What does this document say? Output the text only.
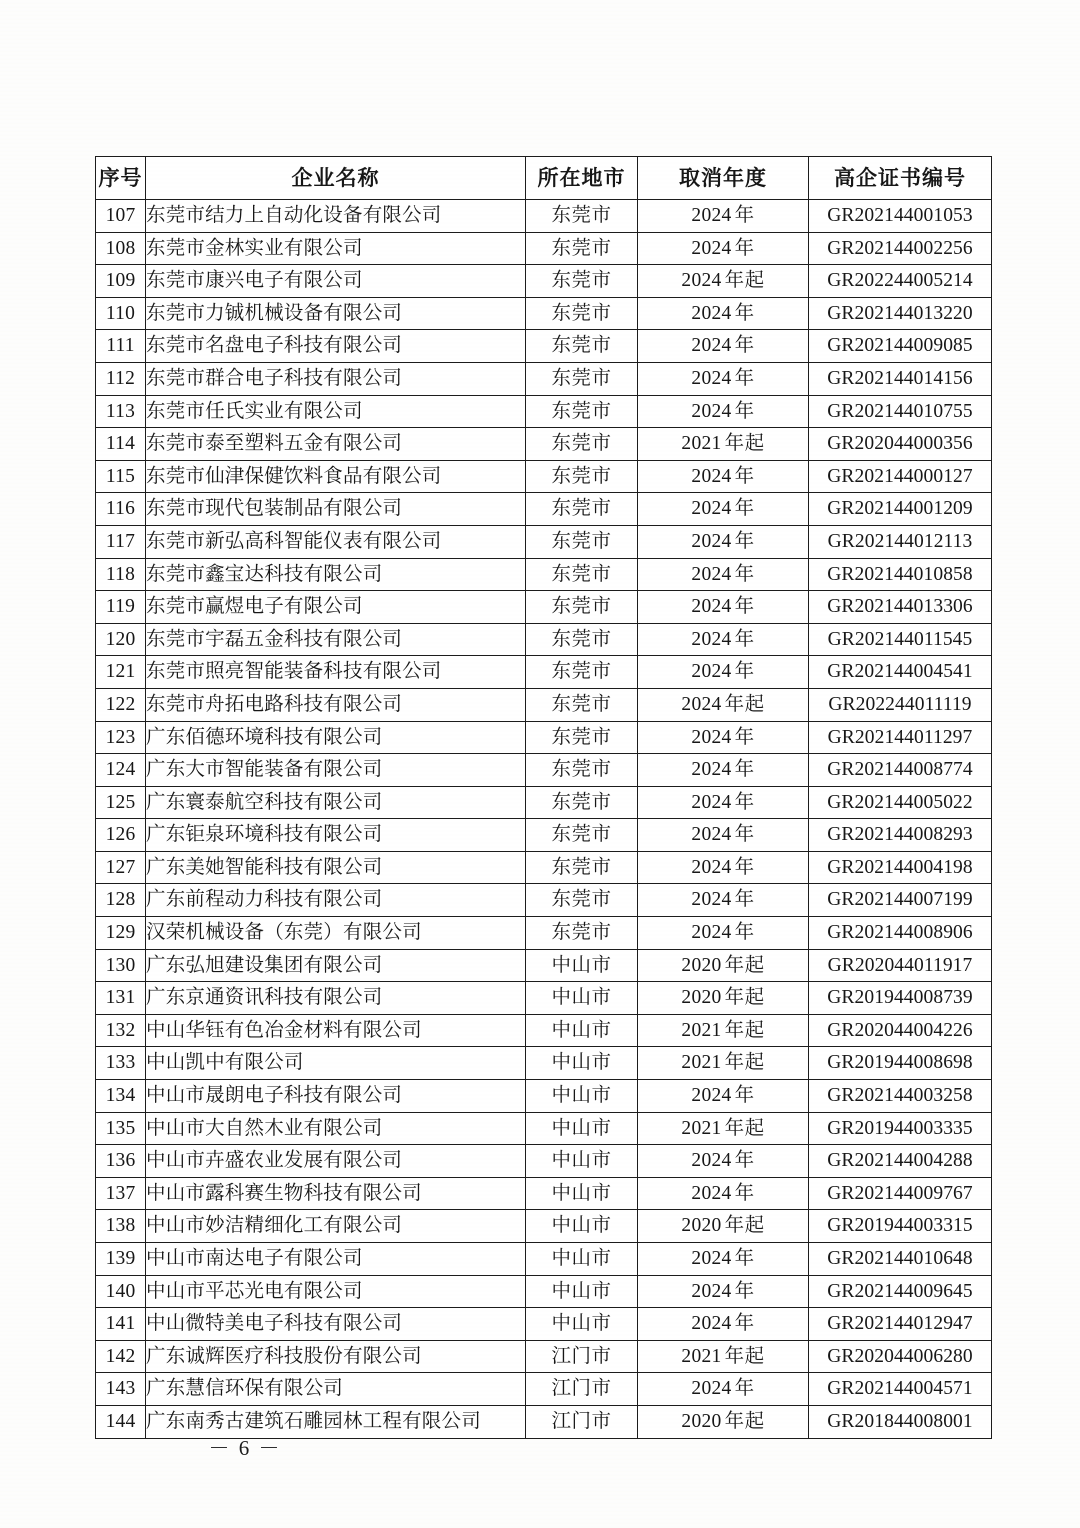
序号	企业名称	所在地市	取消年度	高企证书编号

107	东莞市结力上自动化设备有限公司	东莞市	2024 年	GR202144001053
108	东莞市金林实业有限公司	东莞市	2024 年	GR202144002256
109	东莞市康兴电子有限公司	东莞市	2024 年起	GR202244005214
110	东莞市力铖机械设备有限公司	东莞市	2024 年	GR202144013220
111	东莞市名盘电子科技有限公司	东莞市	2024 年	GR202144009085
112	东莞市群合电子科技有限公司	东莞市	2024 年	GR202144014156
113	东莞市任氏实业有限公司	东莞市	2024 年	GR202144010755
114	东莞市泰至塑料五金有限公司	东莞市	2021 年起	GR202044000356
115	东莞市仙津保健饮料食品有限公司	东莞市	2024 年	GR202144000127
116	东莞市现代包装制品有限公司	东莞市	2024 年	GR202144001209
117	东莞市新弘高科智能仪表有限公司	东莞市	2024 年	GR202144012113
118	东莞市鑫宝达科技有限公司	东莞市	2024 年	GR202144010858
119	东莞市赢煜电子有限公司	东莞市	2024 年	GR202144013306
120	东莞市宇磊五金科技有限公司	东莞市	2024 年	GR202144011545
121	东莞市照亮智能装备科技有限公司	东莞市	2024 年	GR202144004541
122	东莞市舟拓电路科技有限公司	东莞市	2024 年起	GR202244011119
123	广东佰德环境科技有限公司	东莞市	2024 年	GR202144011297
124	广东大市智能装备有限公司	东莞市	2024 年	GR202144008774
125	广东寰泰航空科技有限公司	东莞市	2024 年	GR202144005022
126	广东钜泉环境科技有限公司	东莞市	2024 年	GR202144008293
127	广东美她智能科技有限公司	东莞市	2024 年	GR202144004198
128	广东前程动力科技有限公司	东莞市	2024 年	GR202144007199
129	汉荣机械设备（东莞）有限公司	东莞市	2024 年	GR202144008906
130	广东弘旭建设集团有限公司	中山市	2020 年起	GR202044011917
131	广东京通资讯科技有限公司	中山市	2020 年起	GR201944008739
132	中山华钰有色冶金材料有限公司	中山市	2021 年起	GR202044004226
133	中山凯中有限公司	中山市	2021 年起	GR201944008698
134	中山市晟朗电子科技有限公司	中山市	2024 年	GR202144003258
135	中山市大自然木业有限公司	中山市	2021 年起	GR201944003335
136	中山市卉盛农业发展有限公司	中山市	2024 年	GR202144004288
137	中山市露科赛生物科技有限公司	中山市	2024 年	GR202144009767
138	中山市妙洁精细化工有限公司	中山市	2020 年起	GR201944003315
139	中山市南达电子有限公司	中山市	2024 年	GR202144010648
140	中山市平芯光电有限公司	中山市	2024 年	GR202144009645
141	中山微特美电子科技有限公司	中山市	2024 年	GR202144012947
142	广东诚辉医疗科技股份有限公司	江门市	2021 年起	GR202044006280
143	广东慧信环保有限公司	江门市	2024 年	GR202144004571
144	广东南秀古建筑石雕园林工程有限公司	江门市	2020 年起	GR201844008001
－ 6 －
